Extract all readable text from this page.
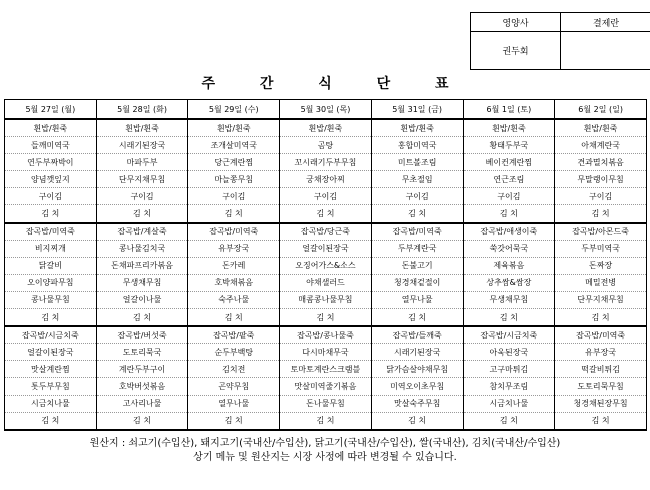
영양사	결제란
권두회	
주 간 식 단 표
5월 27일 (월)	5월 28일 (화)	5월 29일 (수)	5월 30일 (목)	5월 31일 (금)	6월 1일 (토)	6월 2일 (일)
흰밥/흰죽	흰밥/흰죽	흰밥/흰죽	흰밥/흰죽	흰밥/흰죽	흰밥/흰죽	흰밥/흰죽
들깨미역국	시래기된장국	조개살미역국	곰탕	홍합미역국	황태두부국	아채계란국
연두부짜박이	마파두부	당근계란찜	꼬시래기두부무침	미트볼조림	베이컨계란찜	견과멸치볶음
양념깻잎지	단무지채무침	마늘쫑무침	궁채장아찌	무초절임	연근조림	무말랭이무침
구이김	구이김	구이김	구이김	구이김	구이김	구이김
김 치	김 치	김 치	김 치	김 치	김 치	김 치
잡곡밥/미역죽	잡곡밥/계살죽	잡곡밥/미역죽	잡곡밥/당근죽	잡곡밥/미역죽	잡곡밥/애생이죽	잡곡밥/아몬드죽
비지찌개	콩나물김치국	유부장국	얼갈이된장국	두부계란국	쑥갓어묵국	두부미역국
닭갈비	돈채파프리카볶음	돈카레	오징어가스&소스	돈불고기	제육볶음	돈짜장
오이양파무침	무생채무침	호박채볶음	야채샐러드	청경채겉절이	상추쌈&쌈장	메밀전병
콩나물무침	얼갈이나물	숙주나물	매콤콩나물무침	열무나물	무생채무침	단무지채무침
김 치	김 치	김 치	김 치	김 치	김 치	김 치
잡곡밥/시금치죽	잡곡밥/버섯죽	잡곡밥/팥죽	잡곡밥/콩나물죽	잡곡밥/들깨죽	잡곡밥/시금치죽	잡곡밥/미역죽
얼갈이된장국	도토리묵국	순두부백탕	다시마채무국	시래기된장국	아욱된장국	유부장국
맛살계란찜	계란두부구이	김치전	토마토계란스크램블	닭가슴살야채무침	고구마튀김	떡갈비튀김
톳두부무침	호박버섯볶음	곤약무침	맛살미역줄기볶음	미역오이초무침	참치무조림	도토리묵무침
시금치나물	고사리나물	열무나물	돈나물무침	맛살숙주무침	시금치나물	청경채된장무침
김 치	김 치	김 치	김 치	김 치	김 치	김 치
원산지 : 쇠고기(수입산), 돼지고기(국내산/수입산), 닭고기(국내산/수입산), 쌀(국내산), 김치(국내산/수입산)
상기 메뉴 및 원산지는 시장 사정에 따라 변경될 수 있습니다.
